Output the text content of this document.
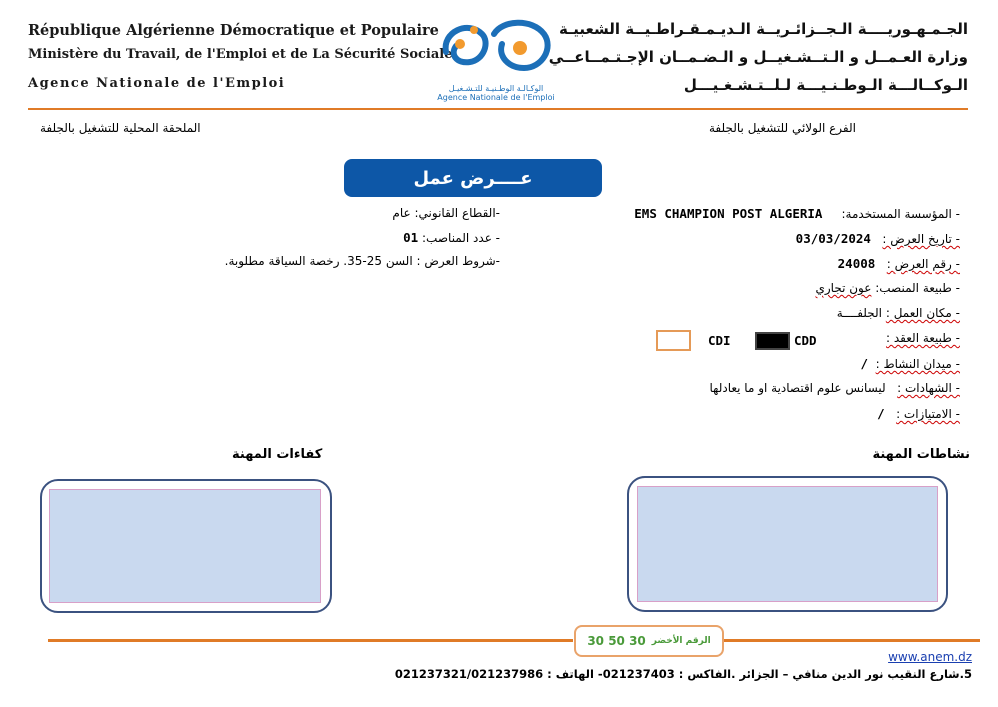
République Algérienne Démocratique et Populaire
Ministère du Travail, de l'Emploi et de La Sécurité Sociale
Agence Nationale de l'Emploi
الجـمـهـوريــــة الـجــزائـريــة الـديـمـقـراطـيــة الشعبيـة
وزارة العـمــل و الـتــشـغيــل و الـضـمــان الإجـتـمــاعــي
الـوكــالـــة الـوطـنـيـــة لـلــتـشـغـيـــل
الوكـالـة الوطـنيـة للتـشـغيـل
Agence Nationale de l'Emploi
الفرع الولائي للتشغيل بالجلفة
الملحقة المحلية للتشغيل بالجلفة
عــــرض عمل
- المؤسسة المستخدمة:     EMS CHAMPION POST ALGERIA
- تاريخ العرض :   03/03/2024
- رقم العرض :   24008
- طبيعة المنصب: عون تجاري
- مكان العمل : الجلفــــة
- طبيعة العقد :
- ميدان النشاط :  /
- الشهادات :   ليسانس علوم اقتصادية او ما يعادلها
- الامتيازات :   /
CDD
CDI
-القطاع القانوني: عام
- عدد المناصب: 01
-شروط العرض : السن 25-35. رخصة السياقة مطلوبة.
نشاطات المهنة
كفاءات المهنة
30 50 30 الرقم الأخضر
www.anem.dz
5.شارع النقيب نور الدين منافي – الجزائر .الفاكس : 021237403- الهاتف : 021237321/021237986
